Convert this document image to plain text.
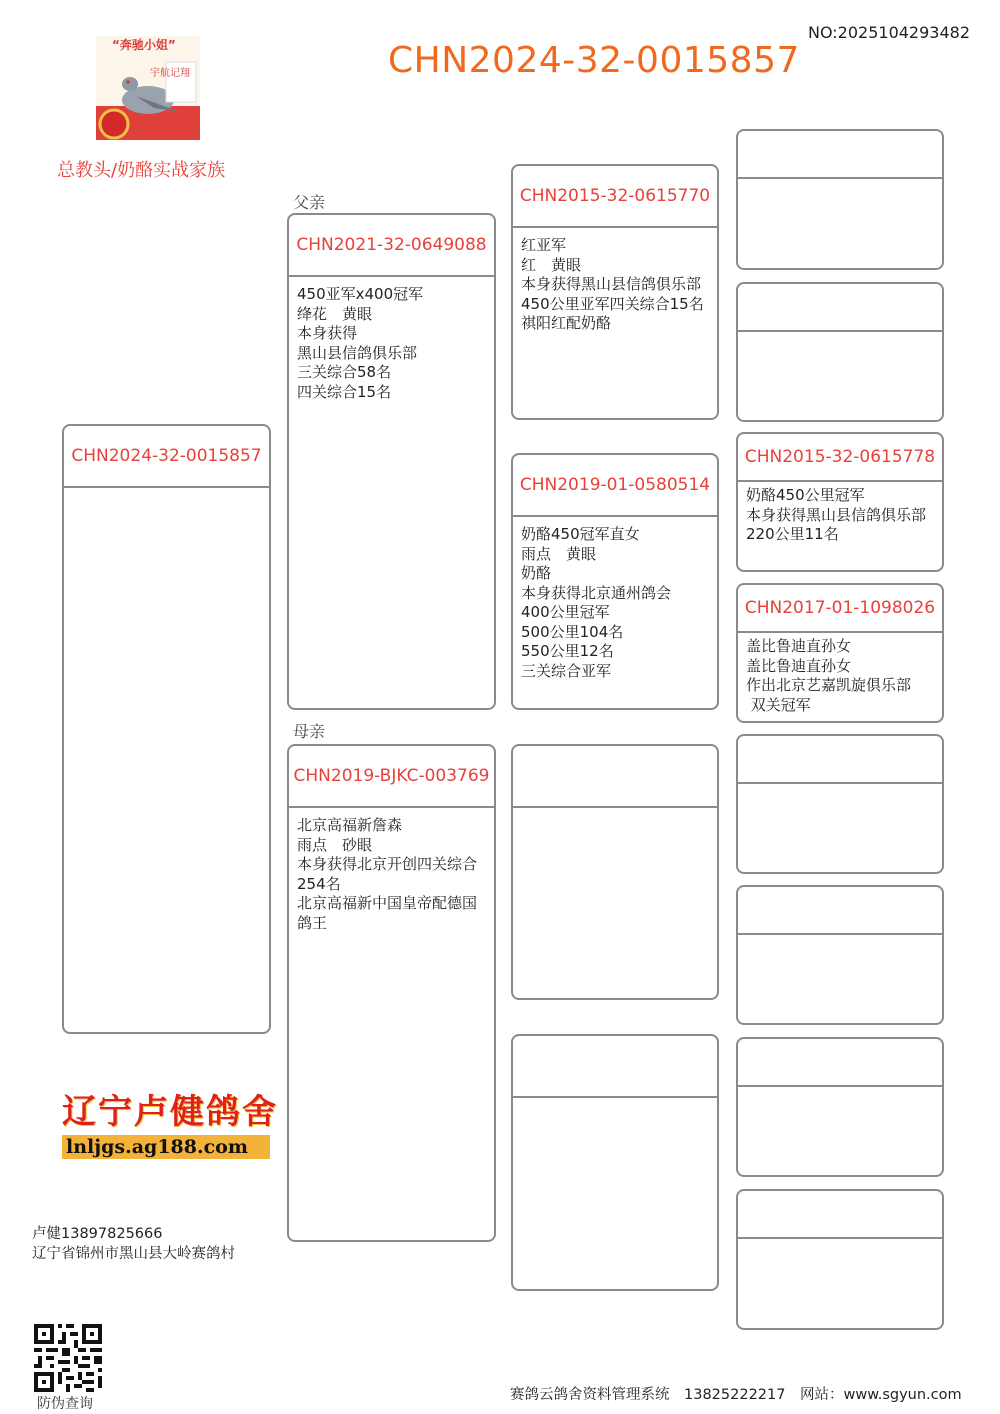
NO:2025104293482
CHN2024-32-0015857
“奔驰小姐”
宇航记翔
总教头/奶酪实战家族
CHN2024-32-0015857
父亲
CHN2021-32-0649088
450亚军x400冠军
绛花　黄眼
本身获得
黑山县信鸽俱乐部
三关综合58名
四关综合15名
母亲
CHN2019-BJKC-003769
北京高福新詹森
雨点　砂眼
本身获得北京开创四关综合254名
北京高福新中国皇帝配德国鸽王
CHN2015-32-0615770
红亚军
红　黄眼
本身获得黑山县信鸽俱乐部
450公里亚军四关综合15名
祺阳红配奶酪
CHN2019-01-0580514
奶酪450冠军直女
雨点　黄眼
奶酪
本身获得北京通州鸽会
400公里冠军
500公里104名
550公里12名
三关综合亚军
CHN2015-32-0615778
奶酪450公里冠军
本身获得黑山县信鸽俱乐部
220公里11名
CHN2017-01-1098026
盖比鲁迪直孙女
盖比鲁迪直孙女
作出北京艺嘉凯旋俱乐部
双关冠军
辽宁卢健鸽舍
lnljgs.ag188.com
卢健13897825666
辽宁省锦州市黑山县大岭赛鸽村
防伪查询
赛鸽云鸽舍资料管理系统　13825222217　网站：www.sgyun.com
